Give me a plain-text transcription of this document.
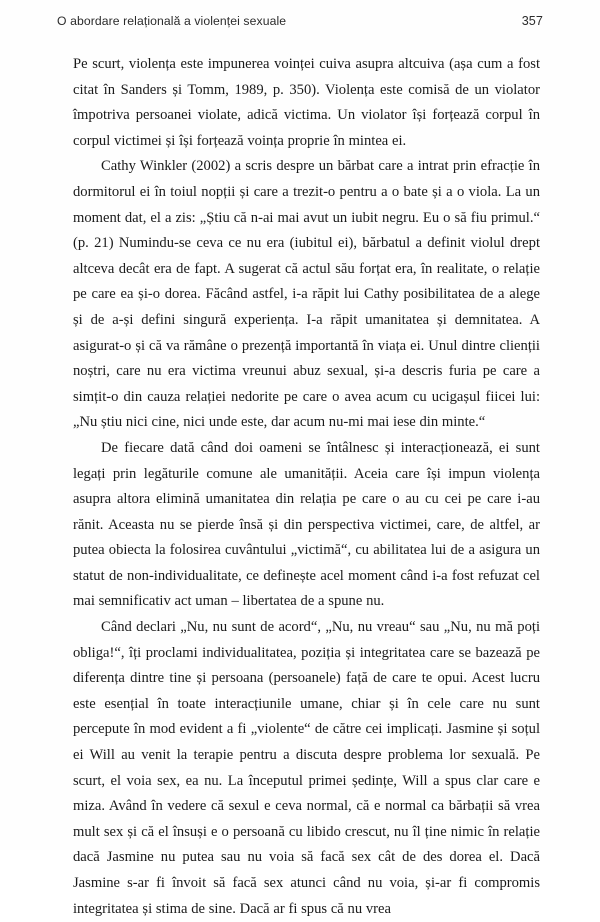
O abordare relațională a violenței sexuale	357

Pe scurt, violența este impunerea voinței cuiva asupra altcuiva (așa cum a fost citat în Sanders și Tomm, 1989, p. 350). Violența este comisă de un violator împotriva persoanei violate, adică victima. Un violator își forțează corpul în corpul victimei și își forțează voința proprie în mintea ei.

Cathy Winkler (2002) a scris despre un bărbat care a intrat prin efracție în dormitorul ei în toiul nopții și care a trezit-o pentru a o bate și a o viola. La un moment dat, el a zis: „Știu că n-ai mai avut un iubit negru. Eu o să fiu primul.“ (p. 21) Numindu-se ceva ce nu era (iubitul ei), bărbatul a definit violul drept altceva decât era de fapt. A sugerat că actul său forțat era, în realitate, o relație pe care ea și-o dorea. Făcând astfel, i-a răpit lui Cathy posibilitatea de a alege și de a-și defini singură experiența. I-a răpit umanitatea și demnitatea. A asigurat-o și că va rămâne o prezență importantă în viața ei. Unul dintre clienții noștri, care nu era victima vreunui abuz sexual, și-a descris furia pe care a simțit-o din cauza relației nedorite pe care o avea acum cu ucigașul fiicei lui: „Nu știu nici cine, nici unde este, dar acum nu-mi mai iese din minte.“

De fiecare dată când doi oameni se întâlnesc și interacționează, ei sunt legați prin legăturile comune ale umanității. Aceia care își impun violența asupra altora elimină umanitatea din relația pe care o au cu cei pe care i-au rănit. Aceasta nu se pierde însă și din perspectiva victimei, care, de altfel, ar putea obiecta la folosirea cuvântului „victimă“, cu abilitatea lui de a asigura un statut de non-individualitate, ce definește acel moment când i-a fost refuzat cel mai semnificativ act uman – libertatea de a spune nu.

Când declari „Nu, nu sunt de acord“, „Nu, nu vreau“ sau „Nu, nu mă poți obliga!“, îți proclami individualitatea, poziția și integritatea care se bazează pe diferența dintre tine și persoana (persoanele) față de care te opui. Acest lucru este esențial în toate interacțiunile umane, chiar și în cele care nu sunt percepute în mod evident a fi „violente“ de către cei implicați. Jasmine și soțul ei Will au venit la terapie pentru a discuta despre problema lor sexuală. Pe scurt, el voia sex, ea nu. La începutul primei ședințe, Will a spus clar care e miza. Având în vedere că sexul e ceva normal, că e normal ca bărbații să vrea mult sex și că el însuși e o persoană cu libido crescut, nu îl ține nimic în relație dacă Jasmine nu putea sau nu voia să facă sex cât de des dorea el. Dacă Jasmine s-ar fi învoit să facă sex atunci când nu voia, și-ar fi compromis integritatea și stima de sine. Dacă ar fi spus că nu vrea
